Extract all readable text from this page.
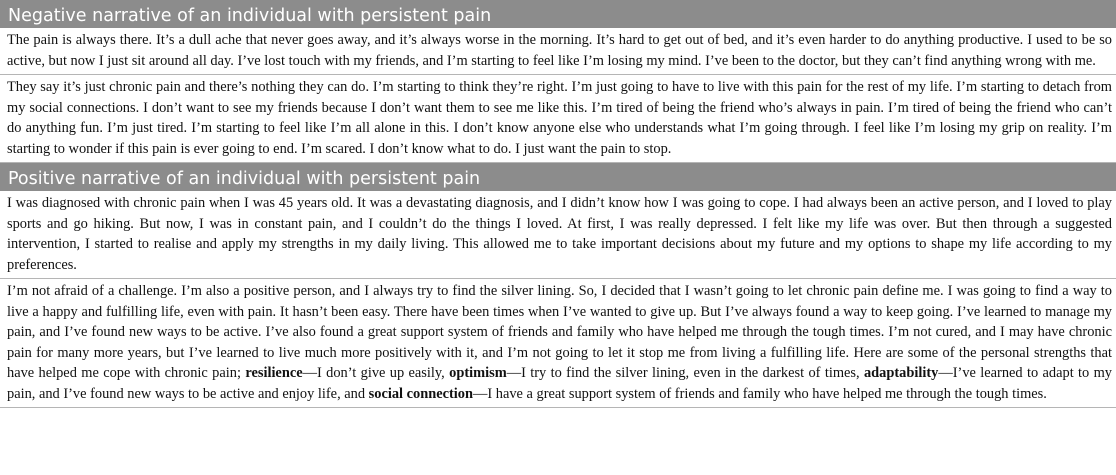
Negative narrative of an individual with persistent pain
The pain is always there. It’s a dull ache that never goes away, and it’s always worse in the morning. It’s hard to get out of bed, and it’s even harder to do anything productive. I used to be so active, but now I just sit around all day. I’ve lost touch with my friends, and I’m starting to feel like I’m losing my mind. I’ve been to the doctor, but they can’t find anything wrong with me.
They say it’s just chronic pain and there’s nothing they can do. I’m starting to think they’re right. I’m just going to have to live with this pain for the rest of my life. I’m starting to detach from my social connections. I don’t want to see my friends because I don’t want them to see me like this. I’m tired of being the friend who’s always in pain. I’m tired of being the friend who can’t do anything fun. I’m just tired. I’m starting to feel like I’m all alone in this. I don’t know anyone else who understands what I’m going through. I feel like I’m losing my grip on reality. I’m starting to wonder if this pain is ever going to end. I’m scared. I don’t know what to do. I just want the pain to stop.
Positive narrative of an individual with persistent pain
I was diagnosed with chronic pain when I was 45 years old. It was a devastating diagnosis, and I didn’t know how I was going to cope. I had always been an active person, and I loved to play sports and go hiking. But now, I was in constant pain, and I couldn’t do the things I loved. At first, I was really depressed. I felt like my life was over. But then through a suggested intervention, I started to realise and apply my strengths in my daily living. This allowed me to take important decisions about my future and my options to shape my life according to my preferences.
I’m not afraid of a challenge. I’m also a positive person, and I always try to find the silver lining. So, I decided that I wasn’t going to let chronic pain define me. I was going to find a way to live a happy and fulfilling life, even with pain. It hasn’t been easy. There have been times when I’ve wanted to give up. But I’ve always found a way to keep going. I’ve learned to manage my pain, and I’ve found new ways to be active. I’ve also found a great support system of friends and family who have helped me through the tough times. I’m not cured, and I may have chronic pain for many more years, but I’ve learned to live much more positively with it, and I’m not going to let it stop me from living a fulfilling life. Here are some of the personal strengths that have helped me cope with chronic pain; resilience—I don’t give up easily, optimism—I try to find the silver lining, even in the darkest of times, adaptability—I’ve learned to adapt to my pain, and I’ve found new ways to be active and enjoy life, and social connection—I have a great support system of friends and family who have helped me through the tough times.
